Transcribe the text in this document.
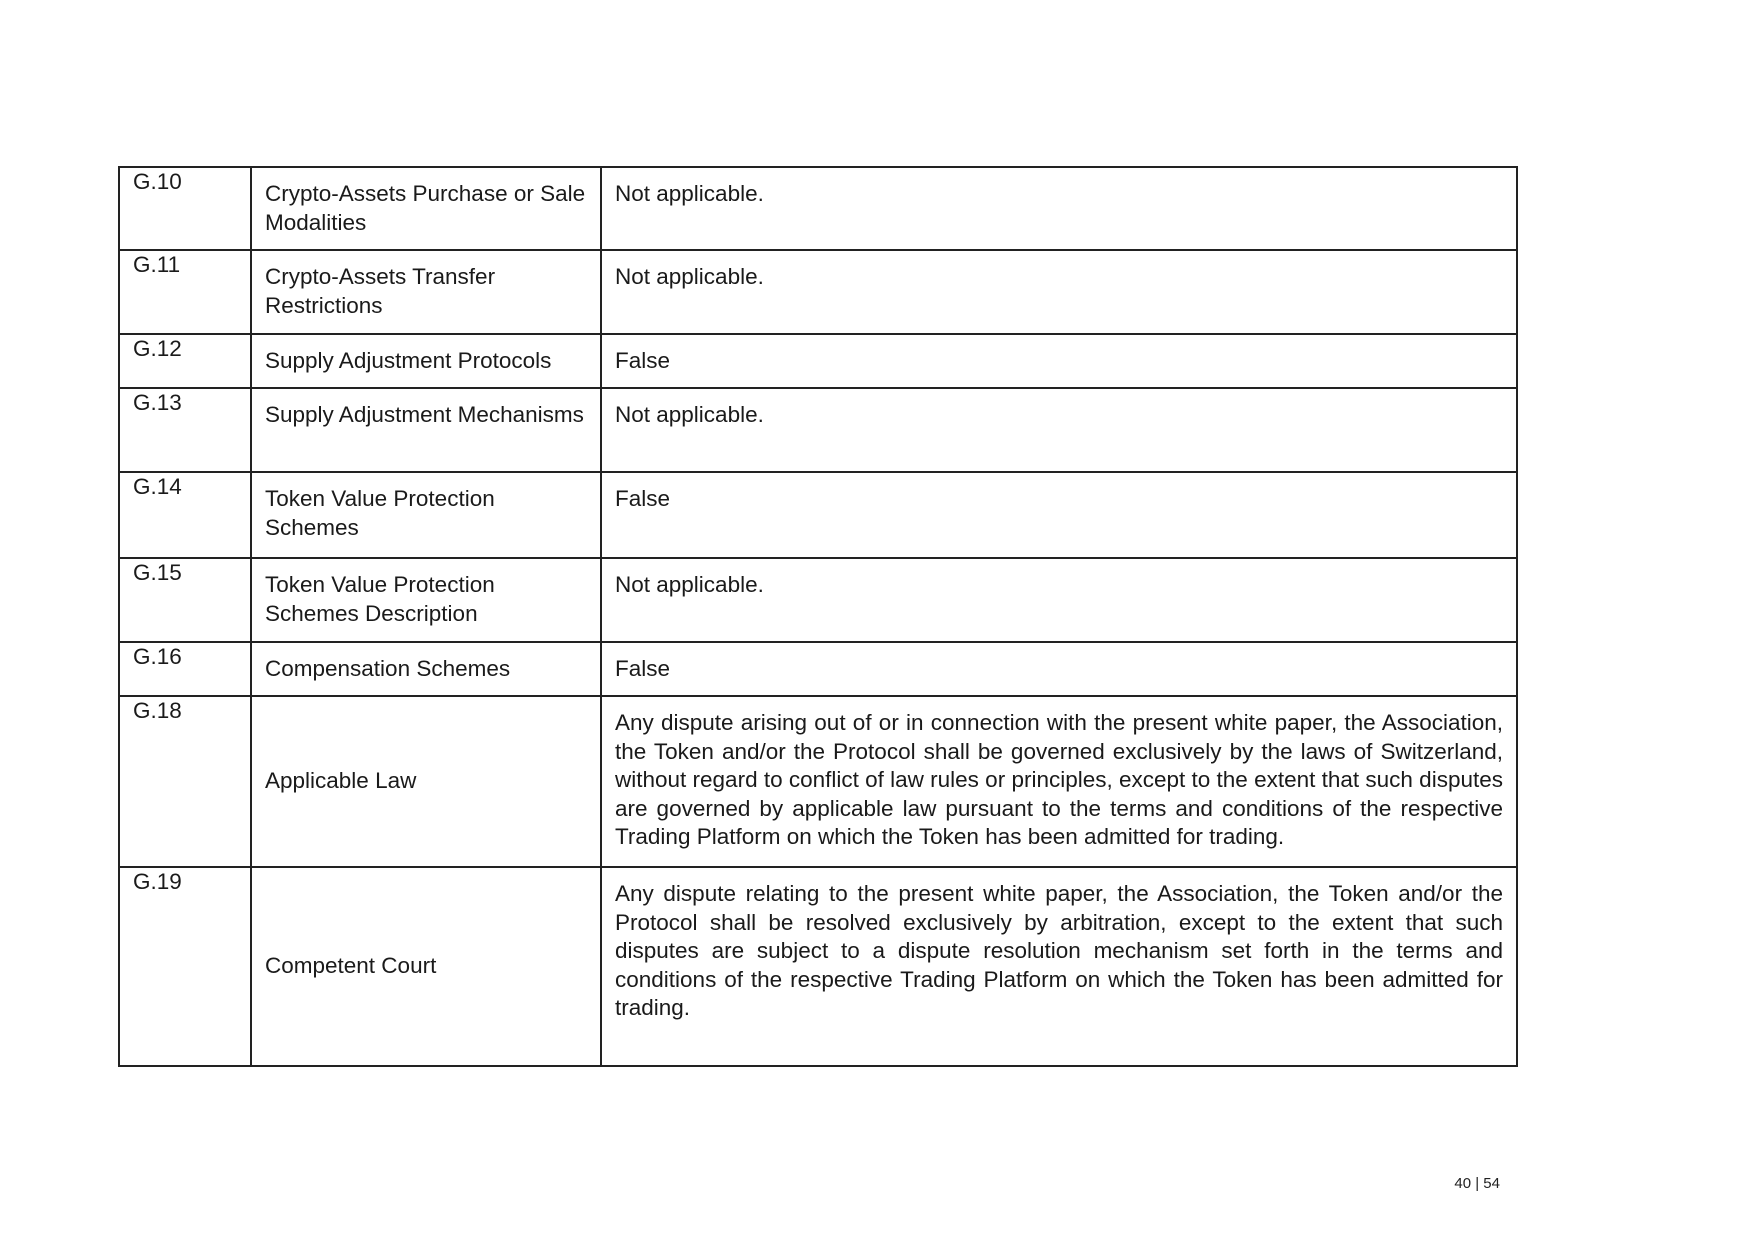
G.10	Crypto-Assets Purchase or Sale Modalities	Not applicable.

G.11	Crypto-Assets Transfer Restrictions	Not applicable.

G.12	Supply Adjustment Protocols	False

G.13	Supply Adjustment Mechanisms	Not applicable.

G.14	Token Value Protection Schemes	False

G.15	Token Value Protection Schemes Description	Not applicable.

G.16	Compensation Schemes	False

G.18	Applicable Law	Any dispute arising out of or in connection with the present white paper, the Association, the Token and/or the Protocol shall be governed exclusively by the laws of Switzerland, without regard to conflict of law rules or principles, except to the extent that such disputes are governed by applicable law pursuant to the terms and conditions of the respective Trading Platform on which the Token has been admitted for trading.

G.19	Competent Court	Any dispute relating to the present white paper, the Association, the Token and/or the Protocol shall be resolved exclusively by arbitration, except to the extent that such disputes are subject to a dispute resolution mechanism set forth in the terms and conditions of the respective Trading Platform on which the Token has been admitted for trading.
40 | 54
